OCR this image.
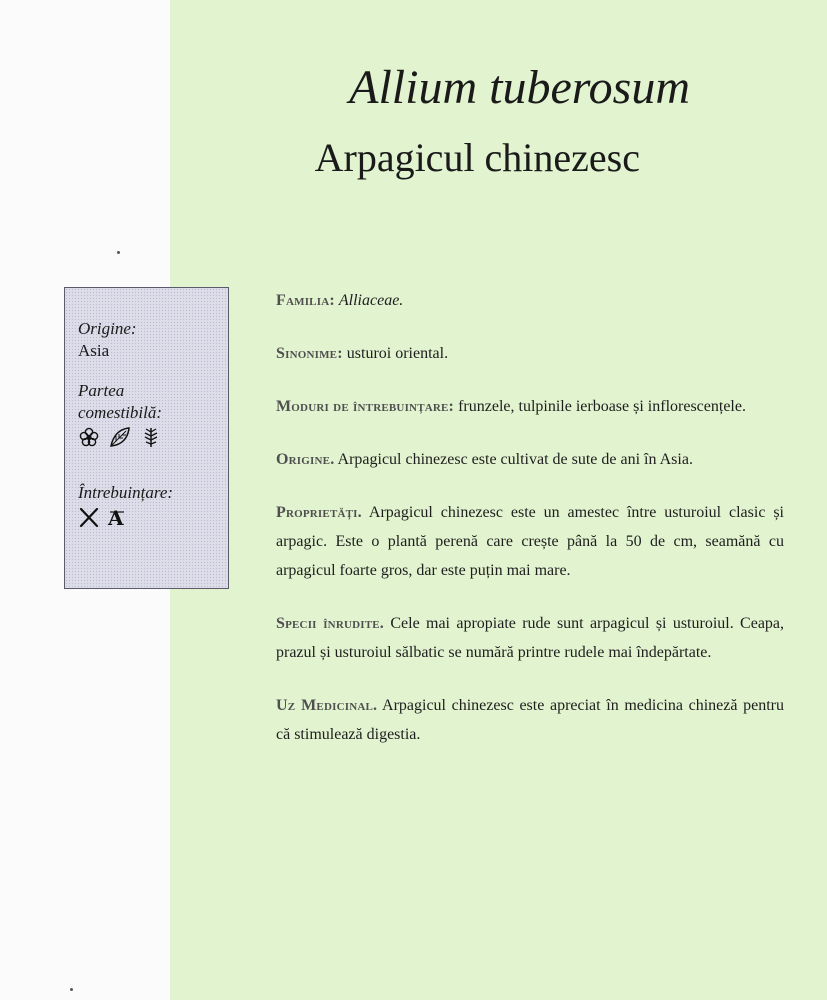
Allium tuberosum
Arpagicul chinezesc
Origine:
Asia
Partea
comestibilă:
Întrebuințare:
A

Familia: Alliaceae.

Sinonime: usturoi oriental.

Moduri de întrebuințare: frunzele, tulpinile ierboase și inflorescențele.

Origine. Arpagicul chinezesc este cultivat de sute de ani în Asia.

Proprietăți. Arpagicul chinezesc este un amestec între usturoiul clasic și arpagic. Este o plantă perenă care crește până la 50 de cm, seamănă cu arpagicul foarte gros, dar este puțin mai mare.

Specii înrudite. Cele mai apropiate rude sunt arpagicul și usturoiul. Ceapa, prazul și usturoiul sălbatic se numără printre rudele mai îndepărtate.

Uz Medicinal. Arpagicul chinezesc este apreciat în medicina chineză pentru că stimulează digestia.
